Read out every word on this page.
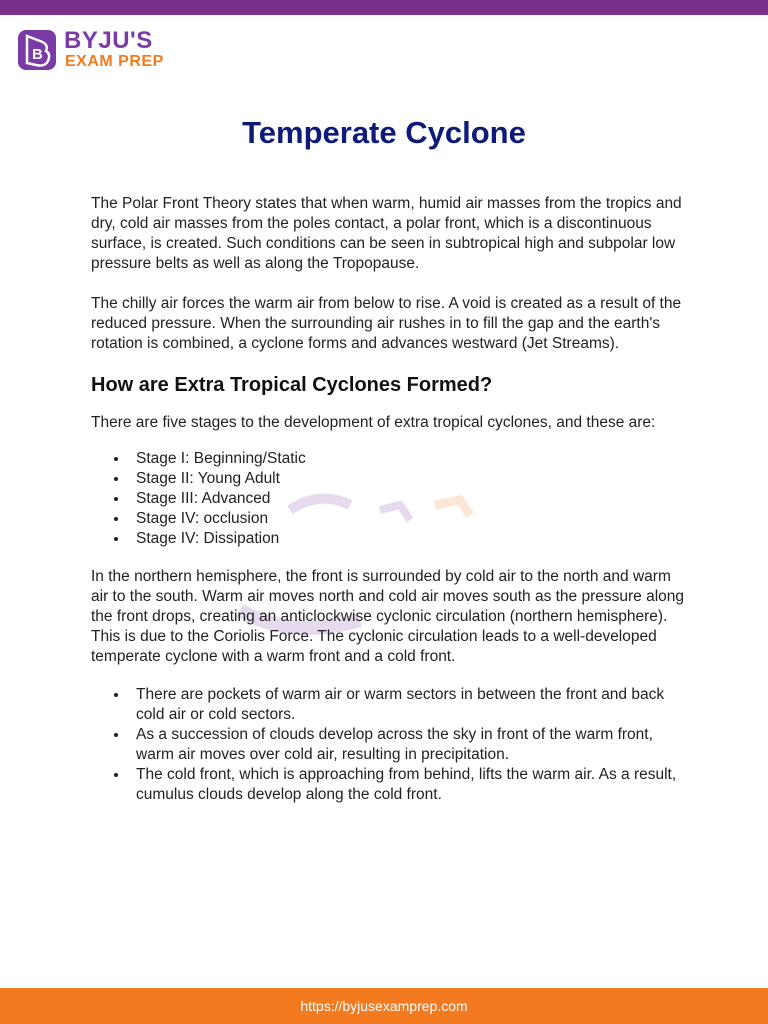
B
BYJU'S
EXAM PREP
Temperate Cyclone

The Polar Front Theory states that when warm, humid air masses from the tropics and dry, cold air masses from the poles contact, a polar front, which is a discontinuous surface, is created. Such conditions can be seen in subtropical high and subpolar low pressure belts as well as along the Tropopause.

The chilly air forces the warm air from below to rise. A void is created as a result of the reduced pressure. When the surrounding air rushes in to fill the gap and the earth's rotation is combined, a cyclone forms and advances westward (Jet Streams).

How are Extra Tropical Cyclones Formed?

There are five stages to the development of extra tropical cyclones, and these are:

Stage I: Beginning/Static
Stage II: Young Adult
Stage III: Advanced
Stage IV: occlusion
Stage IV: Dissipation

In the northern hemisphere, the front is surrounded by cold air to the north and warm air to the south. Warm air moves north and cold air moves south as the pressure along the front drops, creating an anticlockwise cyclonic circulation (northern hemisphere). This is due to the Coriolis Force. The cyclonic circulation leads to a well-developed temperate cyclone with a warm front and a cold front.

There are pockets of warm air or warm sectors in between the front and back cold air or cold sectors.
As a succession of clouds develop across the sky in front of the warm front, warm air moves over cold air, resulting in precipitation.
The cold front, which is approaching from behind, lifts the warm air. As a result, cumulus clouds develop along the cold front.
https://byjusexamprep.com
